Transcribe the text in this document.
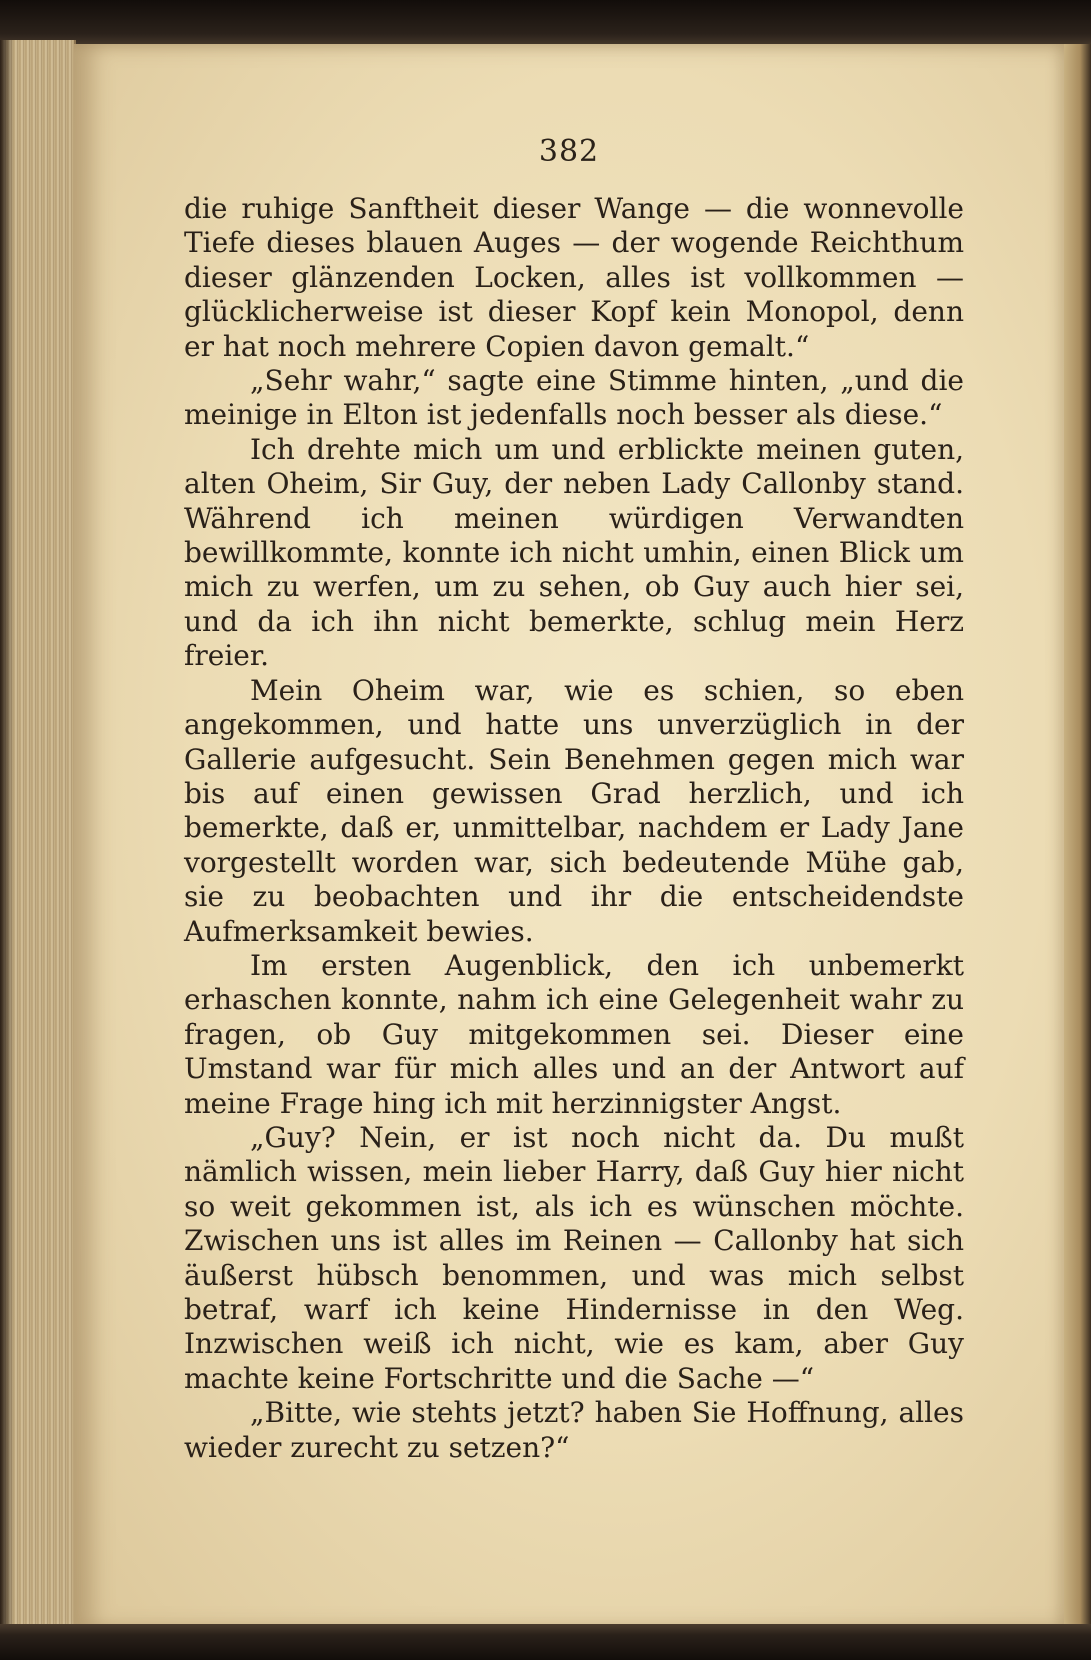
382

die ruhige Sanftheit dieser Wange — die wonnevolle Tiefe dieses blauen Auges — der wogende Reichthum dieser glänzenden Locken, alles ist vollkommen — glücklicherweise ist dieser Kopf kein Monopol, denn er hat noch mehrere Copien davon gemalt.“

„Sehr wahr,“ sagte eine Stimme hinten, „und die meinige in Elton ist jedenfalls noch besser als diese.“

Ich drehte mich um und erblickte meinen guten, alten Oheim, Sir Guy, der neben Lady Callonby stand. Während ich meinen würdigen Verwandten bewillkommte, konnte ich nicht umhin, einen Blick um mich zu werfen, um zu sehen, ob Guy auch hier sei, und da ich ihn nicht bemerkte, schlug mein Herz freier.

Mein Oheim war, wie es schien, so eben angekommen, und hatte uns unverzüglich in der Gallerie aufgesucht. Sein Benehmen gegen mich war bis auf einen gewissen Grad herzlich, und ich bemerkte, daß er, unmittelbar, nachdem er Lady Jane vorgestellt worden war, sich bedeutende Mühe gab, sie zu beobachten und ihr die entscheidendste Aufmerksamkeit bewies.

Im ersten Augenblick, den ich unbemerkt erhaschen konnte, nahm ich eine Gelegenheit wahr zu fragen, ob Guy mitgekommen sei. Dieser eine Umstand war für mich alles und an der Antwort auf meine Frage hing ich mit herzinnigster Angst.

„Guy? Nein, er ist noch nicht da. Du mußt nämlich wissen, mein lieber Harry, daß Guy hier nicht so weit gekommen ist, als ich es wünschen möchte. Zwischen uns ist alles im Reinen — Callonby hat sich äußerst hübsch benommen, und was mich selbst betraf, warf ich keine Hindernisse in den Weg. Inzwischen weiß ich nicht, wie es kam, aber Guy machte keine Fortschritte und die Sache —“

„Bitte, wie stehts jetzt? haben Sie Hoffnung, alles wieder zurecht zu setzen?“
